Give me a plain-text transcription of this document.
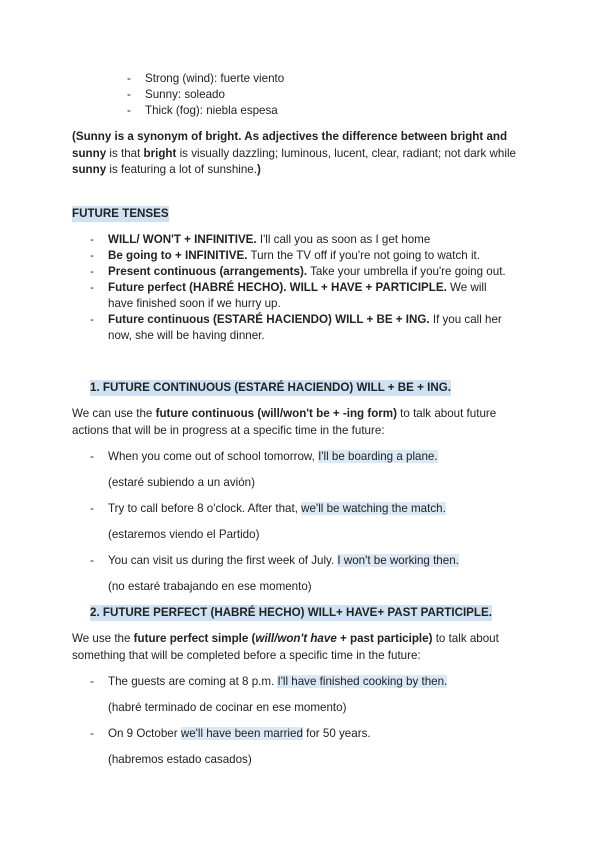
- Strong (wind): fuerte viento
- Sunny: soleado
- Thick (fog): niebla espesa
(Sunny is a synonym of bright. As adjectives the difference between bright and sunny is that bright is visually dazzling; luminous, lucent, clear, radiant; not dark while sunny is featuring a lot of sunshine.)
FUTURE TENSES
- WILL/ WON'T + INFINITIVE. I'll call you as soon as I get home
- Be going to + INFINITIVE. Turn the TV off if you're not going to watch it.
- Present continuous (arrangements). Take your umbrella if you're going out.
- Future perfect (HABRÉ HECHO). WILL + HAVE + PARTICIPLE. We will have finished soon if we hurry up.
- Future continuous (ESTARÉ HACIENDO) WILL + BE + ING. If you call her now, she will be having dinner.
1. FUTURE CONTINUOUS (ESTARÉ HACIENDO) WILL + BE + ING.
We can use the future continuous (will/won't be + -ing form) to talk about future actions that will be in progress at a specific time in the future:
- When you come out of school tomorrow, I'll be boarding a plane.
(estaré subiendo a un avión)
- Try to call before 8 o'clock. After that, we'll be watching the match.
(estaremos viendo el Partido)
- You can visit us during the first week of July. I won't be working then.
(no estaré trabajando en ese momento)
2. FUTURE PERFECT (HABRÉ HECHO) WILL+ HAVE+ PAST PARTICIPLE.
We use the future perfect simple (will/won't have + past participle) to talk about something that will be completed before a specific time in the future:
- The guests are coming at 8 p.m. I'll have finished cooking by then.
(habré terminado de cocinar en ese momento)
- On 9 October we'll have been married for 50 years.
(habremos estado casados)
